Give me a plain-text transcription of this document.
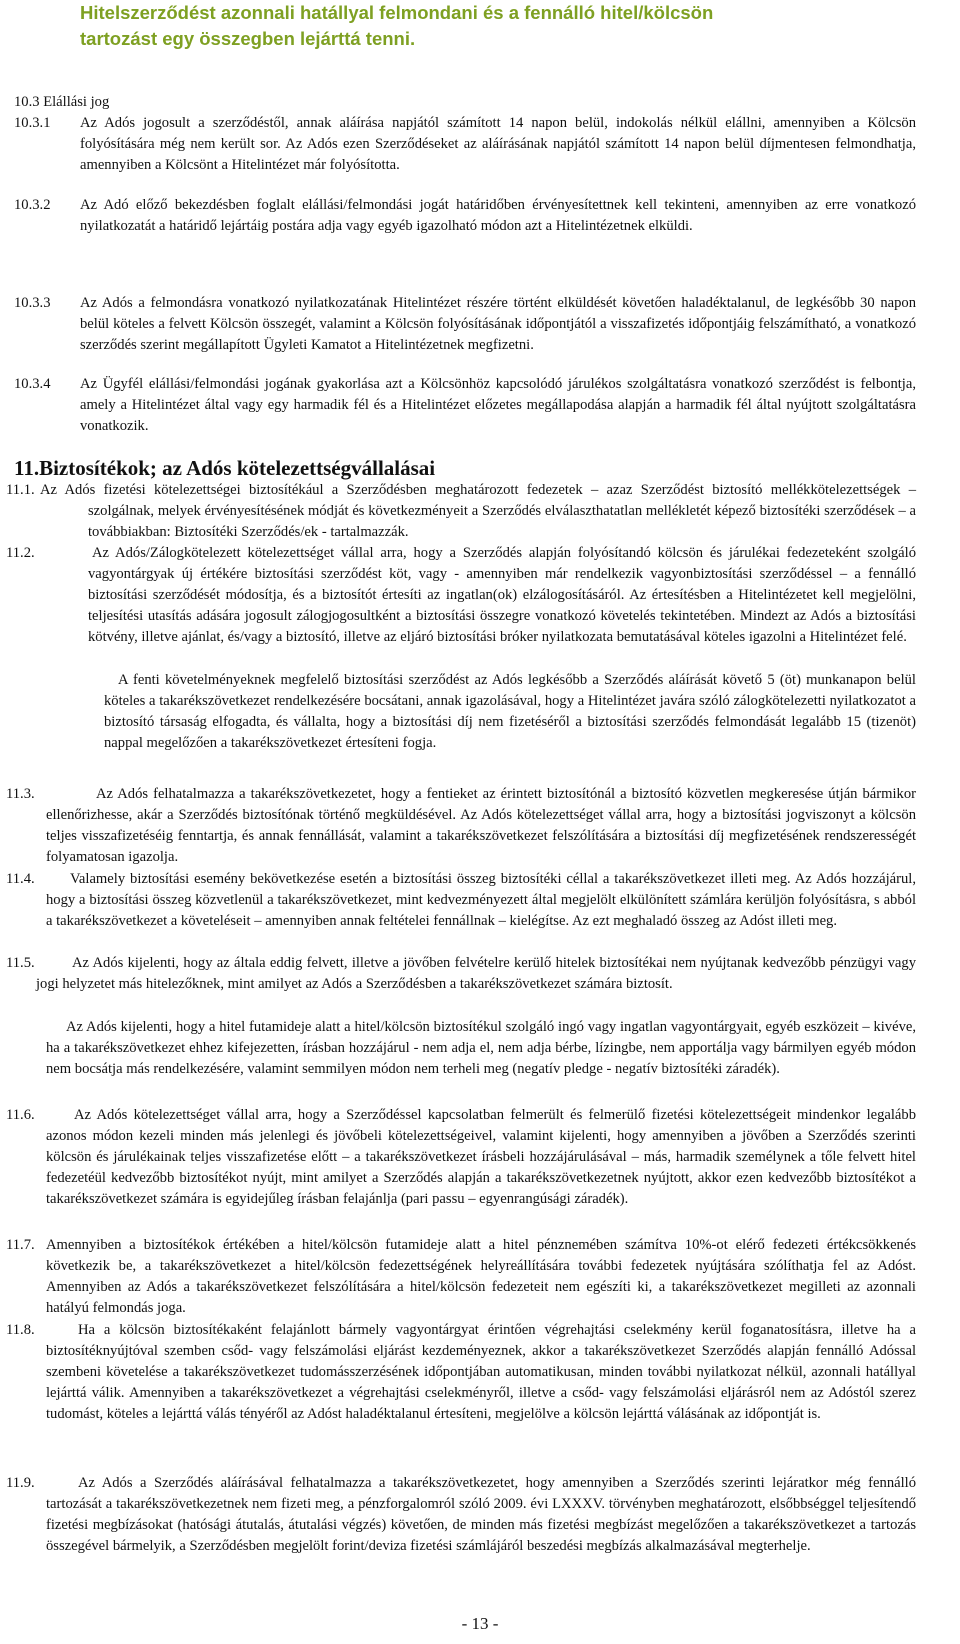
Hitelszerződést azonnali hatállyal felmondani és a fennálló hitel/kölcsön
tartozást egy összegben lejárttá tenni.
10.3 Elállási jog
10.3.1 Az Adós jogosult a szerződéstől, annak aláírása napjától számított 14 napon belül, indokolás nélkül elállni, amennyiben a Kölcsön folyósítására még nem került sor. Az Adós ezen Szerződéseket az aláírásának napjától számított 14 napon belül díjmentesen felmondhatja, amennyiben a Kölcsönt a Hitelintézet már folyósította.
10.3.2 Az Adó előző bekezdésben foglalt elállási/felmondási jogát határidőben érvényesítettnek kell tekinteni, amennyiben az erre vonatkozó nyilatkozatát a határidő lejártáig postára adja vagy egyéb igazolható módon azt a Hitelintézetnek elküldi.
10.3.3 Az Adós a felmondásra vonatkozó nyilatkozatának Hitelintézet részére történt elküldését követően haladéktalanul, de legkésőbb 30 napon belül köteles a felvett Kölcsön összegét, valamint a Kölcsön folyósításának időpontjától a visszafizetés időpontjáig felszámítható, a vonatkozó szerződés szerint megállapított Ügyleti Kamatot a Hitelintézetnek megfizetni.
10.3.4 Az Ügyfél elállási/felmondási jogának gyakorlása azt a Kölcsönhöz kapcsolódó járulékos szolgáltatásra vonatkozó szerződést is felbontja, amely a Hitelintézet által vagy egy harmadik fél és a Hitelintézet előzetes megállapodása alapján a harmadik fél által nyújtott szolgáltatásra vonatkozik.
11.Biztosítékok; az Adós kötelezettségvállalásai
11.1. Az Adós fizetési kötelezettségei biztosítékául a Szerződésben meghatározott fedezetek – azaz Szerződést biztosító mellékkötelezettségek – szolgálnak, melyek érvényesítésének módját és következményeit a Szerződés elválaszthatatlan mellékletét képező biztosítéki szerződések – a továbbiakban: Biztosítéki Szerződés/ek - tartalmazzák.
11.2.	Az Adós/Zálogkötelezett kötelezettséget vállal arra, hogy a Szerződés alapján folyósítandó kölcsön és járulékai fedezeteként szolgáló vagyontárgyak új értékére biztosítási szerződést köt, vagy - amennyiben már rendelkezik vagyonbiztosítási szerződéssel – a fennálló biztosítási szerződését módosítja, és a biztosítót értesíti az ingatlan(ok) elzálogosításáról. Az értesítésben a Hitelintézetet kell megjelölni, teljesítési utasítás adására jogosult zálogjogosultként a biztosítási összegre vonatkozó követelés tekintetében. Mindezt az Adós a biztosítási kötvény, illetve ajánlat, és/vagy a biztosító, illetve az eljáró biztosítási bróker nyilatkozata bemutatásával köteles igazolni a Hitelintézet felé.
A fenti követelményeknek megfelelő biztosítási szerződést az Adós legkésőbb a Szerződés aláírását követő 5 (öt) munkanapon belül köteles a takarékszövetkezet rendelkezésére bocsátani, annak igazolásával, hogy a Hitelintézet javára szóló zálogkötelezetti nyilatkozatot a biztosító társaság elfogadta, és vállalta, hogy a biztosítási díj nem fizetéséről a biztosítási szerződés felmondását legalább 15 (tizenöt) nappal megelőzően a takarékszövetkezet értesíteni fogja.
11.3.	Az Adós felhatalmazza a takarékszövetkezetet, hogy a fentieket az érintett biztosítónál a biztosító közvetlen megkeresése útján bármikor ellenőrizhesse, akár a Szerződés biztosítónak történő megküldésével. Az Adós kötelezettséget vállal arra, hogy a biztosítási jogviszonyt a kölcsön teljes visszafizetéséig fenntartja, és annak fennállását, valamint a takarékszövetkezet felszólítására a biztosítási díj megfizetésének rendszerességét folyamatosan igazolja.
11.4.	Valamely biztosítási esemény bekövetkezése esetén a biztosítási összeg biztosítéki céllal a takarékszövetkezet illeti meg. Az Adós hozzájárul, hogy a biztosítási összeg közvetlenül a takarékszövetkezet, mint kedvezményezett által megjelölt elkülönített számlára kerüljön folyósításra, s abból a takarékszövetkezet a követeléseit – amennyiben annak feltételei fennállnak – kielégítse. Az ezt meghaladó összeg az Adóst illeti meg.
11.5.	Az Adós kijelenti, hogy az általa eddig felvett, illetve a jövőben felvételre kerülő hitelek biztosítékai nem nyújtanak kedvezőbb pénzügyi vagy jogi helyzetet más hitelezőknek, mint amilyet az Adós a Szerződésben a takarékszövetkezet számára biztosít.
Az Adós kijelenti, hogy a hitel futamideje alatt a hitel/kölcsön biztosítékul szolgáló ingó vagy ingatlan vagyontárgyait, egyéb eszközeit – kivéve, ha a takarékszövetkezet ehhez kifejezetten, írásban hozzájárul - nem adja el, nem adja bérbe, lízingbe, nem apportálja vagy bármilyen egyéb módon nem bocsátja más rendelkezésére, valamint semmilyen módon nem terheli meg (negatív pledge - negatív biztosítéki záradék).
11.6.	Az Adós kötelezettséget vállal arra, hogy a Szerződéssel kapcsolatban felmerült és felmerülő fizetési kötelezettségeit mindenkor legalább azonos módon kezeli minden más jelenlegi és jövőbeli kötelezettségeivel, valamint kijelenti, hogy amennyiben a jövőben a Szerződés szerinti kölcsön és járulékainak teljes visszafizetése előtt – a takarékszövetkezet írásbeli hozzájárulásával – más, harmadik személynek a tőle felvett hitel fedezetéül kedvezőbb biztosítékot nyújt, mint amilyet a Szerződés alapján a takarékszövetkezetnek nyújtott, akkor ezen kedvezőbb biztosítékot a takarékszövetkezet számára is egyidejűleg írásban felajánlja (pari passu – egyenrangúsági záradék).
11.7. Amennyiben a biztosítékok értékében a hitel/kölcsön futamideje alatt a hitel pénznemében számítva 10%-ot elérő fedezeti értékcsökkenés következik be, a takarékszövetkezet a hitel/kölcsön fedezettségének helyreállítására további fedezetek nyújtására szólíthatja fel az Adóst. Amennyiben az Adós a takarékszövetkezet felszólítására a hitel/kölcsön fedezeteit nem egészíti ki, a takarékszövetkezet megilleti az azonnali hatályú felmondás joga.
11.8.	Ha a kölcsön biztosítékaként felajánlott bármely vagyontárgyat érintően végrehajtási cselekmény kerül foganatosításra, illetve ha a biztosítéknyújtóval szemben csőd- vagy felszámolási eljárást kezdeményeznek, akkor a takarékszövetkezet Szerződés alapján fennálló Adóssal szembeni követelése a takarékszövetkezet tudomásszerzésének időpontjában automatikusan, minden további nyilatkozat nélkül, azonnali hatállyal lejárttá válik. Amennyiben a takarékszövetkezet a végrehajtási cselekményről, illetve a csőd- vagy felszámolási eljárásról nem az Adóstól szerez tudomást, köteles a lejárttá válás tényéről az Adóst haladéktalanul értesíteni, megjelölve a kölcsön lejárttá válásának az időpontját is.
11.9.	Az Adós a Szerződés aláírásával felhatalmazza a takarékszövetkezetet, hogy amennyiben a Szerződés szerinti lejáratkor még fennálló tartozását a takarékszövetkezetnek nem fizeti meg, a pénzforgalomról szóló 2009. évi LXXXV. törvényben meghatározott, elsőbbséggel teljesítendő fizetési megbízásokat (hatósági átutalás, átutalási végzés) követően, de minden más fizetési megbízást megelőzően a takarékszövetkezet a tartozás összegével bármelyik, a Szerződésben megjelölt forint/deviza fizetési számlájáról beszedési megbízás alkalmazásával megterhelje.
- 13 -
